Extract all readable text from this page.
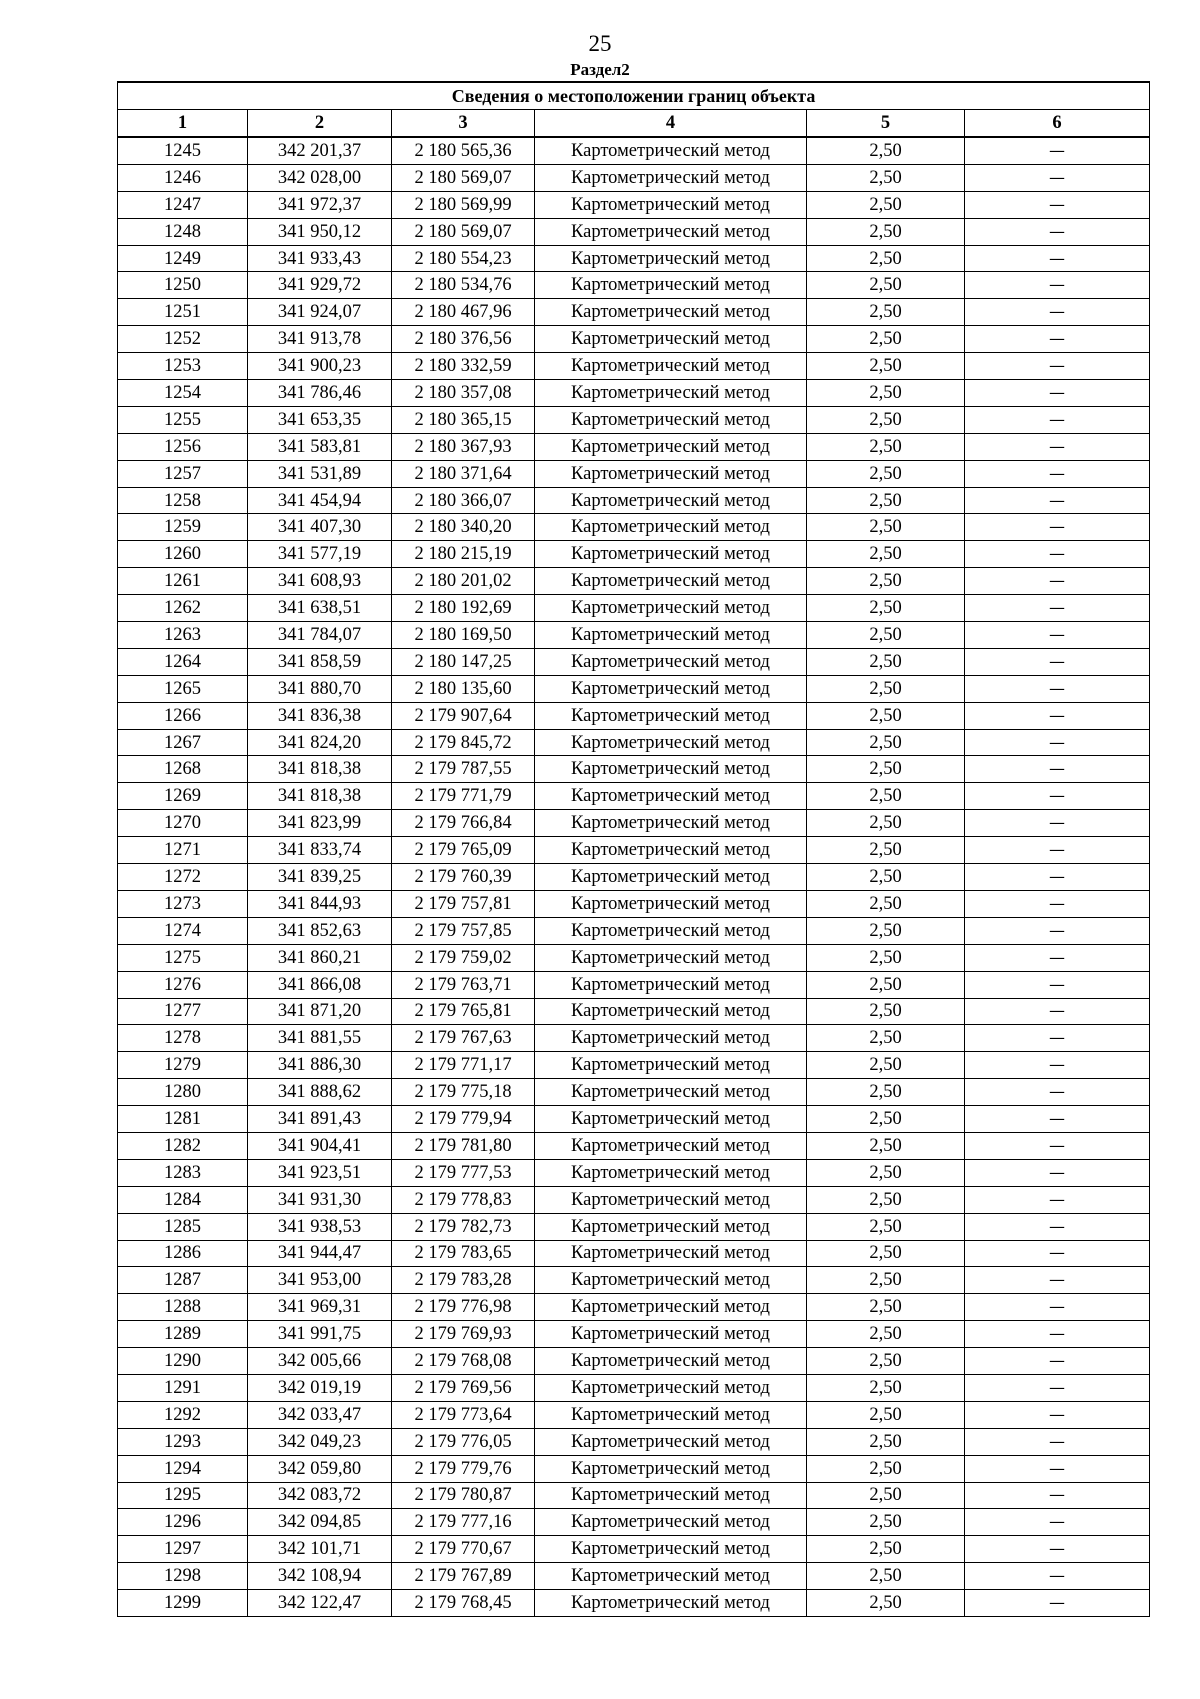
25
Раздел2
Сведения о местоположении границ объекта					
1	2	3	4	5	6
1245	342 201,37	2 180 565,36	Картометрический метод	2,50	—
1246	342 028,00	2 180 569,07	Картометрический метод	2,50	—
1247	341 972,37	2 180 569,99	Картометрический метод	2,50	—
1248	341 950,12	2 180 569,07	Картометрический метод	2,50	—
1249	341 933,43	2 180 554,23	Картометрический метод	2,50	—
1250	341 929,72	2 180 534,76	Картометрический метод	2,50	—
1251	341 924,07	2 180 467,96	Картометрический метод	2,50	—
1252	341 913,78	2 180 376,56	Картометрический метод	2,50	—
1253	341 900,23	2 180 332,59	Картометрический метод	2,50	—
1254	341 786,46	2 180 357,08	Картометрический метод	2,50	—
1255	341 653,35	2 180 365,15	Картометрический метод	2,50	—
1256	341 583,81	2 180 367,93	Картометрический метод	2,50	—
1257	341 531,89	2 180 371,64	Картометрический метод	2,50	—
1258	341 454,94	2 180 366,07	Картометрический метод	2,50	—
1259	341 407,30	2 180 340,20	Картометрический метод	2,50	—
1260	341 577,19	2 180 215,19	Картометрический метод	2,50	—
1261	341 608,93	2 180 201,02	Картометрический метод	2,50	—
1262	341 638,51	2 180 192,69	Картометрический метод	2,50	—
1263	341 784,07	2 180 169,50	Картометрический метод	2,50	—
1264	341 858,59	2 180 147,25	Картометрический метод	2,50	—
1265	341 880,70	2 180 135,60	Картометрический метод	2,50	—
1266	341 836,38	2 179 907,64	Картометрический метод	2,50	—
1267	341 824,20	2 179 845,72	Картометрический метод	2,50	—
1268	341 818,38	2 179 787,55	Картометрический метод	2,50	—
1269	341 818,38	2 179 771,79	Картометрический метод	2,50	—
1270	341 823,99	2 179 766,84	Картометрический метод	2,50	—
1271	341 833,74	2 179 765,09	Картометрический метод	2,50	—
1272	341 839,25	2 179 760,39	Картометрический метод	2,50	—
1273	341 844,93	2 179 757,81	Картометрический метод	2,50	—
1274	341 852,63	2 179 757,85	Картометрический метод	2,50	—
1275	341 860,21	2 179 759,02	Картометрический метод	2,50	—
1276	341 866,08	2 179 763,71	Картометрический метод	2,50	—
1277	341 871,20	2 179 765,81	Картометрический метод	2,50	—
1278	341 881,55	2 179 767,63	Картометрический метод	2,50	—
1279	341 886,30	2 179 771,17	Картометрический метод	2,50	—
1280	341 888,62	2 179 775,18	Картометрический метод	2,50	—
1281	341 891,43	2 179 779,94	Картометрический метод	2,50	—
1282	341 904,41	2 179 781,80	Картометрический метод	2,50	—
1283	341 923,51	2 179 777,53	Картометрический метод	2,50	—
1284	341 931,30	2 179 778,83	Картометрический метод	2,50	—
1285	341 938,53	2 179 782,73	Картометрический метод	2,50	—
1286	341 944,47	2 179 783,65	Картометрический метод	2,50	—
1287	341 953,00	2 179 783,28	Картометрический метод	2,50	—
1288	341 969,31	2 179 776,98	Картометрический метод	2,50	—
1289	341 991,75	2 179 769,93	Картометрический метод	2,50	—
1290	342 005,66	2 179 768,08	Картометрический метод	2,50	—
1291	342 019,19	2 179 769,56	Картометрический метод	2,50	—
1292	342 033,47	2 179 773,64	Картометрический метод	2,50	—
1293	342 049,23	2 179 776,05	Картометрический метод	2,50	—
1294	342 059,80	2 179 779,76	Картометрический метод	2,50	—
1295	342 083,72	2 179 780,87	Картометрический метод	2,50	—
1296	342 094,85	2 179 777,16	Картометрический метод	2,50	—
1297	342 101,71	2 179 770,67	Картометрический метод	2,50	—
1298	342 108,94	2 179 767,89	Картометрический метод	2,50	—
1299	342 122,47	2 179 768,45	Картометрический метод	2,50	—
